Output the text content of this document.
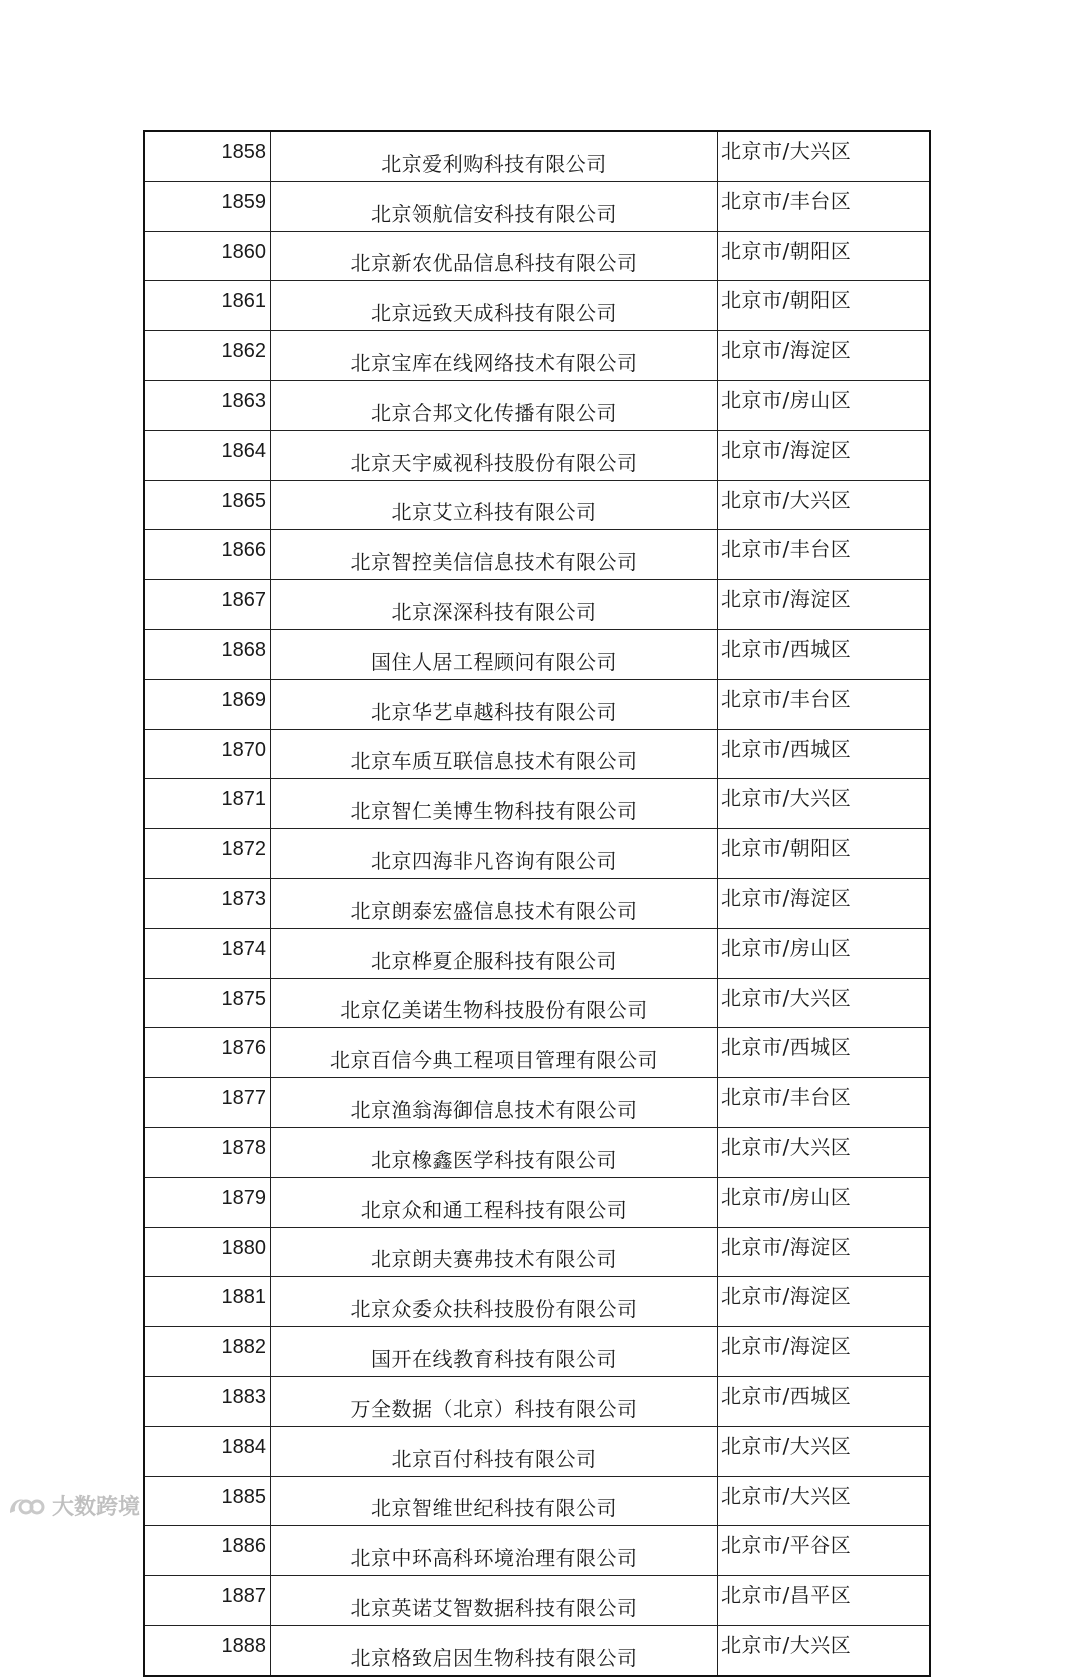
1858	北京爱利购科技有限公司	北京市/大兴区
1859	北京领航信安科技有限公司	北京市/丰台区
1860	北京新农优品信息科技有限公司	北京市/朝阳区
1861	北京远致天成科技有限公司	北京市/朝阳区
1862	北京宝库在线网络技术有限公司	北京市/海淀区
1863	北京合邦文化传播有限公司	北京市/房山区
1864	北京天宇威视科技股份有限公司	北京市/海淀区
1865	北京艾立科技有限公司	北京市/大兴区
1866	北京智控美信信息技术有限公司	北京市/丰台区
1867	北京深深科技有限公司	北京市/海淀区
1868	国住人居工程顾问有限公司	北京市/西城区
1869	北京华艺卓越科技有限公司	北京市/丰台区
1870	北京车质互联信息技术有限公司	北京市/西城区
1871	北京智仁美博生物科技有限公司	北京市/大兴区
1872	北京四海非凡咨询有限公司	北京市/朝阳区
1873	北京朗泰宏盛信息技术有限公司	北京市/海淀区
1874	北京桦夏企服科技有限公司	北京市/房山区
1875	北京亿美诺生物科技股份有限公司	北京市/大兴区
1876	北京百信今典工程项目管理有限公司	北京市/西城区
1877	北京渔翁海御信息技术有限公司	北京市/丰台区
1878	北京橡鑫医学科技有限公司	北京市/大兴区
1879	北京众和通工程科技有限公司	北京市/房山区
1880	北京朗夫赛弗技术有限公司	北京市/海淀区
1881	北京众委众扶科技股份有限公司	北京市/海淀区
1882	国开在线教育科技有限公司	北京市/海淀区
1883	万全数据（北京）科技有限公司	北京市/西城区
1884	北京百付科技有限公司	北京市/大兴区
1885	北京智维世纪科技有限公司	北京市/大兴区
1886	北京中环高科环境治理有限公司	北京市/平谷区
1887	北京英诺艾智数据科技有限公司	北京市/昌平区
1888	北京格致启因生物科技有限公司	北京市/大兴区
大数跨境
